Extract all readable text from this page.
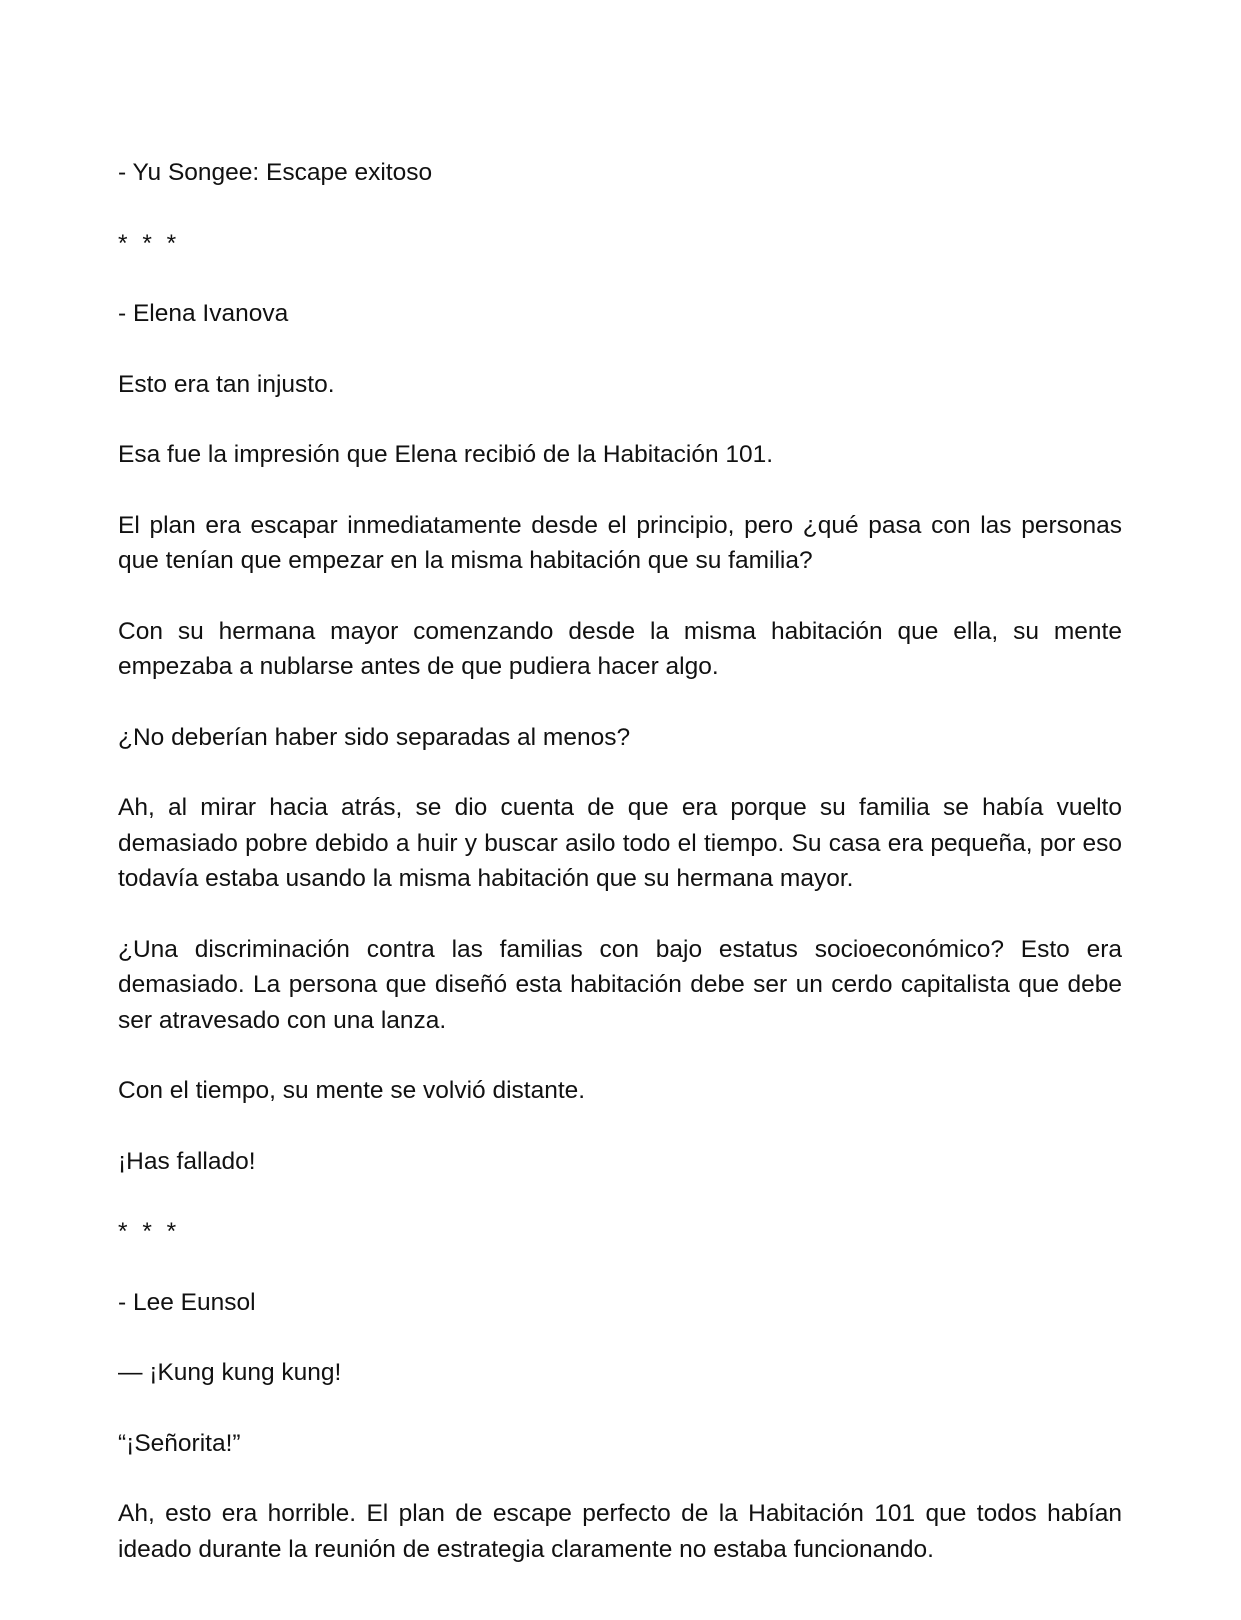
- Yu Songee: Escape exitoso

* * *

- Elena Ivanova

Esto era tan injusto.

Esa fue la impresión que Elena recibió de la Habitación 101.

El plan era escapar inmediatamente desde el principio, pero ¿qué pasa con las personas que tenían que empezar en la misma habitación que su familia?

Con su hermana mayor comenzando desde la misma habitación que ella, su mente empezaba a nublarse antes de que pudiera hacer algo.

¿No deberían haber sido separadas al menos?

Ah, al mirar hacia atrás, se dio cuenta de que era porque su familia se había vuelto demasiado pobre debido a huir y buscar asilo todo el tiempo. Su casa era pequeña, por eso todavía estaba usando la misma habitación que su hermana mayor.

¿Una discriminación contra las familias con bajo estatus socioeconómico? Esto era demasiado. La persona que diseñó esta habitación debe ser un cerdo capitalista que debe ser atravesado con una lanza.

Con el tiempo, su mente se volvió distante.

¡Has fallado!

* * *

- Lee Eunsol

— ¡Kung kung kung!

“¡Señorita!”

Ah, esto era horrible. El plan de escape perfecto de la Habitación 101 que todos habían ideado durante la reunión de estrategia claramente no estaba funcionando.
